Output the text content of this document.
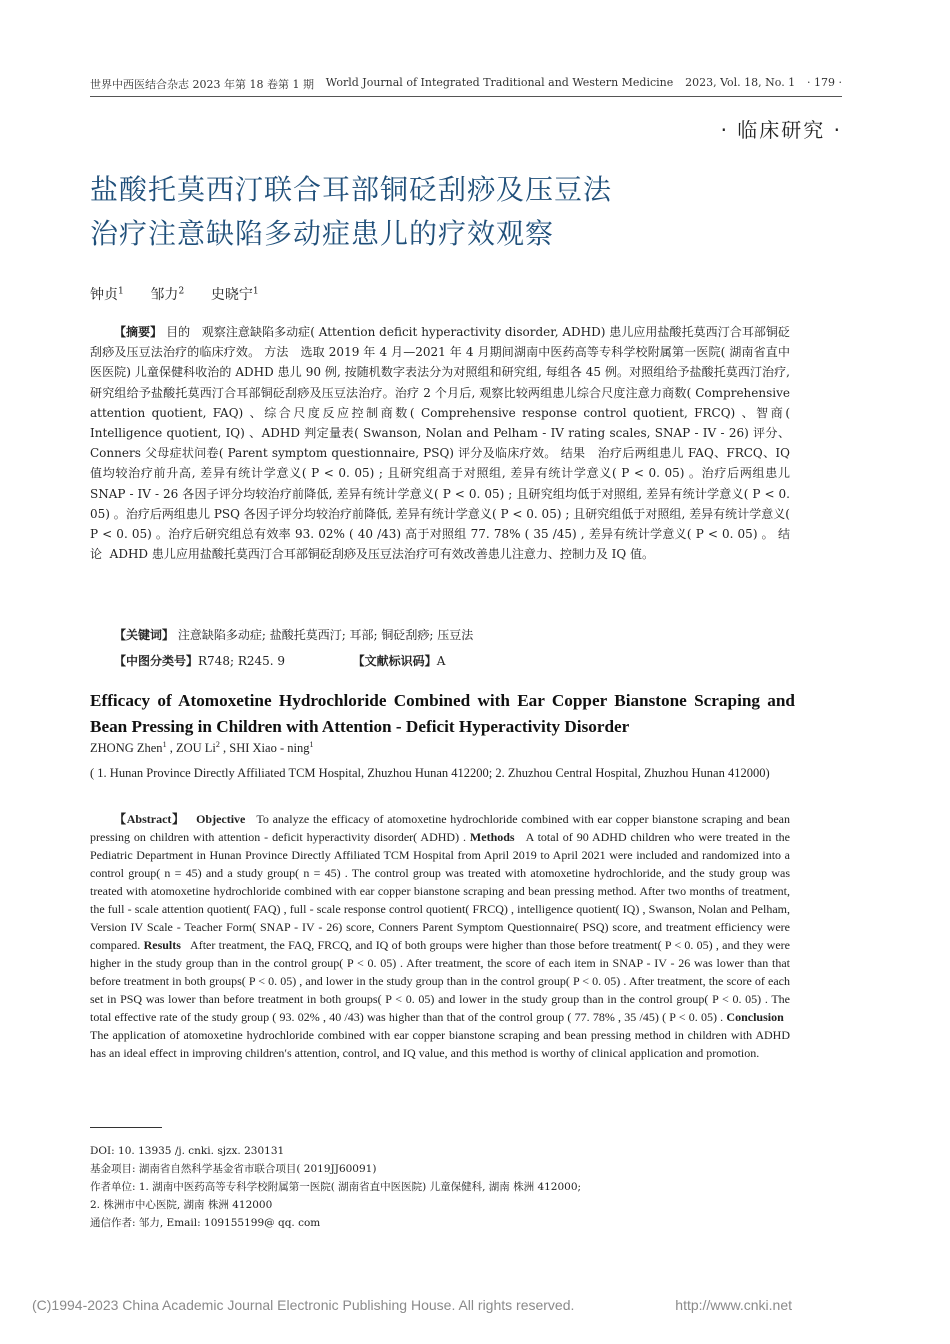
世界中西医结合杂志 2023 年第 18 卷第 1 期 World Journal of Integrated Traditional and Western Medicine 2023, Vol. 18, No. 1 · 179 ·
· 临床研究 ·
盐酸托莫西汀联合耳部铜砭刮痧及压豆法
治疗注意缺陷多动症患儿的疗效观察
钟贞$^1$ 邹力$^2$ 史晓宁$^1$
【摘要】 目的 观察注意缺陷多动症( Attention deficit hyperactivity disorder, ADHD) 患儿应用盐酸托莫西汀合耳部铜砭刮痧及压豆法治疗的临床疗效。 方法 选取 2019 年 4 月—2021 年 4 月期间湖南中医药高等专科学校附属第一医院( 湖南省直中医医院) 儿童保健科收治的 ADHD 患儿 90 例, 按随机数字表法分为对照组和研究组, 每组各 45 例。对照组给予盐酸托莫西汀治疗, 研究组给予盐酸托莫西汀合耳部铜砭刮痧及压豆法治疗。治疗 2 个月后, 观察比较两组患儿综合尺度注意力商数( Comprehensive attention quotient, FAQ) 、综合尺度反应控制商数( Comprehensive response control quotient, FRCQ) 、智商( Intelligence quotient, IQ) 、ADHD 判定量表( Swanson, Nolan and Pelham - IV rating scales, SNAP - IV - 26) 评分、Conners 父母症状问卷( Parent symptom questionnaire, PSQ) 评分及临床疗效。 结果 治疗后两组患儿 FAQ、FRCQ、IQ 值均较治疗前升高, 差异有统计学意义( P < 0. 05) ; 且研究组高于对照组, 差异有统计学意义( P < 0. 05) 。治疗后两组患儿 SNAP - IV - 26 各因子评分均较治疗前降低, 差异有统计学意义( P < 0. 05) ; 且研究组均低于对照组, 差异有统计学意义( P < 0. 05) 。治疗后两组患儿 PSQ 各因子评分均较治疗前降低, 差异有统计学意义( P < 0. 05) ; 且研究组低于对照组, 差异有统计学意义( P < 0. 05) 。治疗后研究组总有效率 93. 02% ( 40 /43) 高于对照组 77. 78% ( 35 /45) , 差异有统计学意义( P < 0. 05) 。 结论 ADHD 患儿应用盐酸托莫西汀合耳部铜砭刮痧及压豆法治疗可有效改善患儿注意力、控制力及 IQ 值。
【关键词】 注意缺陷多动症; 盐酸托莫西汀; 耳部; 铜砭刮痧; 压豆法
【中图分类号】R748; R245. 9	【文献标识码】A
Efficacy of Atomoxetine Hydrochloride Combined with Ear Copper Bianstone Scraping and Bean Pressing in Children with Attention - Deficit Hyperactivity Disorder
ZHONG Zhen$^1$ , ZOU Li$^2$ , SHI Xiao - ning$^1$
( 1. Hunan Province Directly Affiliated TCM Hospital, Zhuzhou Hunan 412200; 2. Zhuzhou Central Hospital, Zhuzhou Hunan 412000)
【Abstract】 Objective To analyze the efficacy of atomoxetine hydrochloride combined with ear copper bianstone scraping and bean pressing on children with attention - deficit hyperactivity disorder( ADHD) . Methods A total of 90 ADHD children who were treated in the Pediatric Department in Hunan Province Directly Affiliated TCM Hospital from April 2019 to April 2021 were included and randomized into a control group( n = 45) and a study group( n = 45) . The control group was treated with atomoxetine hydrochloride, and the study group was treated with atomoxetine hydrochloride combined with ear copper bianstone scraping and bean pressing method. After two months of treatment, the full - scale attention quotient( FAQ) , full - scale response control quotient( FRCQ) , intelligence quotient( IQ) , Swanson, Nolan and Pelham, Version IV Scale - Teacher Form( SNAP - IV - 26) score, Conners Parent Symptom Questionnaire( PSQ) score, and treatment efficiency were compared. Results After treatment, the FAQ, FRCQ, and IQ of both groups were higher than those before treatment( P < 0. 05) , and they were higher in the study group than in the control group( P < 0. 05) . After treatment, the score of each item in SNAP - IV - 26 was lower than that before treatment in both groups( P < 0. 05) , and lower in the study group than in the control group( P < 0. 05) . After treatment, the score of each set in PSQ was lower than before treatment in both groups( P < 0. 05) and lower in the study group than in the control group( P < 0. 05) . The total effective rate of the study group ( 93. 02% , 40 /43) was higher than that of the control group ( 77. 78% , 35 /45) ( P < 0. 05) . Conclusion   The application of atomoxetine hydrochloride combined with ear copper bianstone scraping and bean pressing method in children with ADHD has an ideal effect in improving children′s attention, control, and IQ value, and this method is worthy of clinical application and promotion.
DOI: 10. 13935 /j. cnki. sjzx. 230131
基金项目: 湖南省自然科学基金省市联合项目( 2019JJ60091)
作者单位: 1. 湖南中医药高等专科学校附属第一医院( 湖南省直中医医院) 儿童保健科, 湖南 株洲 412000;
2. 株洲市中心医院, 湖南 株洲 412000
通信作者: 邹力, Email: 109155199@ qq. com
(C)1994-2023 China Academic Journal Electronic Publishing House. All rights reserved.	http://www.cnki.net
